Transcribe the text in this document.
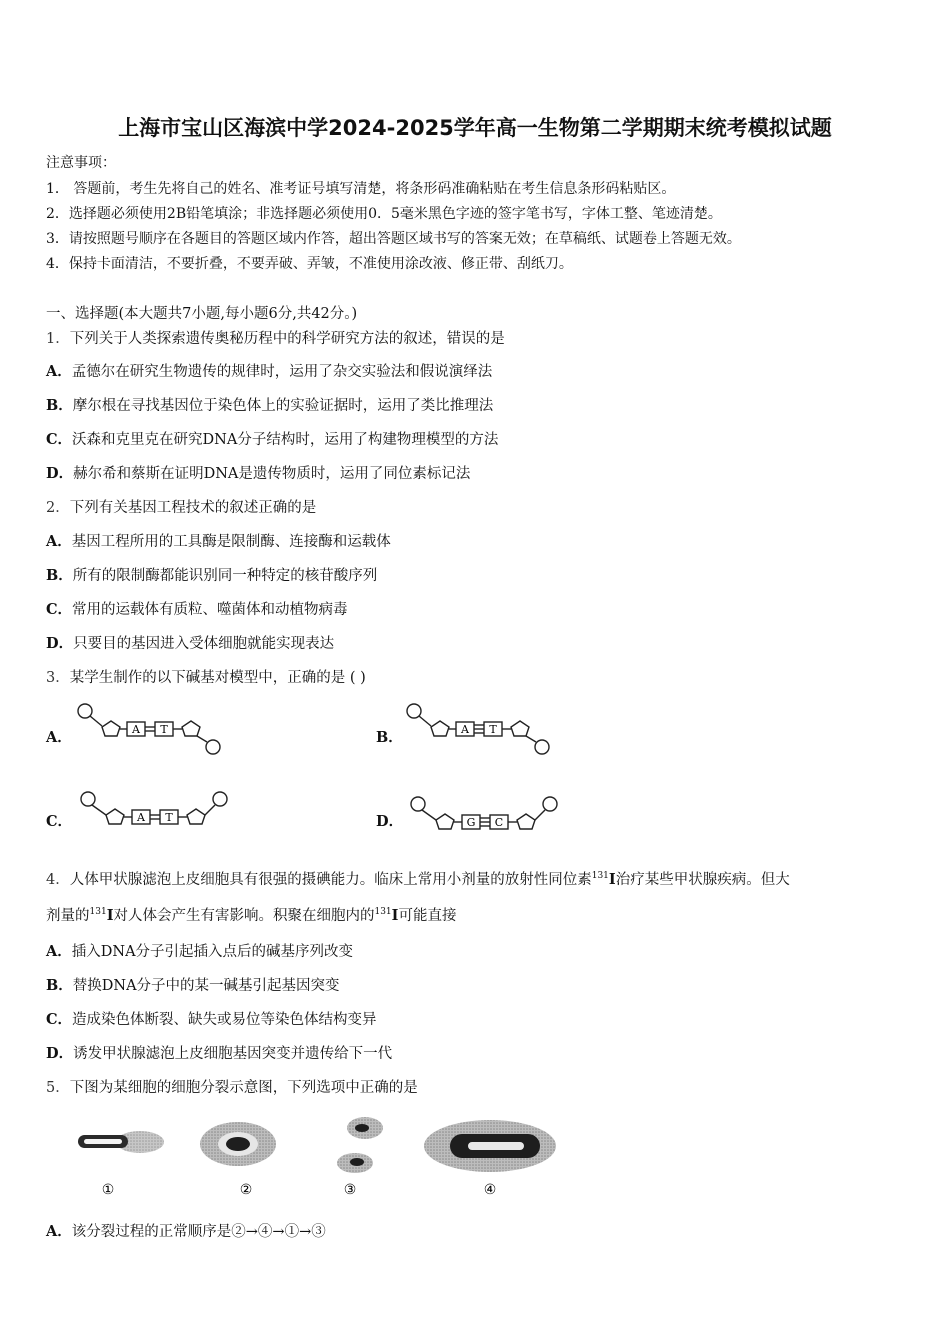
上海市宝山区海滨中学2024-2025学年高一生物第二学期期末统考模拟试题
注意事项：
1． 答题前，考生先将自己的姓名、准考证号填写清楚，将条形码准确粘贴在考生信息条形码粘贴区。
2．选择题必须使用2B铅笔填涂；非选择题必须使用0．5毫米黑色字迹的签字笔书写，字体工整、笔迹清楚。
3．请按照题号顺序在各题目的答题区域内作答，超出答题区域书写的答案无效；在草稿纸、试题卷上答题无效。
4．保持卡面清洁，不要折叠，不要弄破、弄皱，不准使用涂改液、修正带、刮纸刀。
一、选择题(本大题共7小题,每小题6分,共42分。)
1．下列关于人类探索遗传奥秘历程中的科学研究方法的叙述，错误的是
A．孟德尔在研究生物遗传的规律时，运用了杂交实验法和假说演绎法
B．摩尔根在寻找基因位于染色体上的实验证据时，运用了类比推理法
C．沃森和克里克在研究DNA分子结构时，运用了构建物理模型的方法
D．赫尔希和蔡斯在证明DNA是遗传物质时，运用了同位素标记法
2．下列有关基因工程技术的叙述正确的是
A．基因工程所用的工具酶是限制酶、连接酶和运载体
B．所有的限制酶都能识别同一种特定的核苷酸序列
C．常用的运载体有质粒、噬菌体和动植物病毒
D．只要目的基因进入受体细胞就能实现表达
3．某学生制作的以下碱基对模型中，正确的是 ( )
A．	A T	B．	A T
C．	A T	D．	G C
4．人体甲状腺滤泡上皮细胞具有很强的摄碘能力。临床上常用小剂量的放射性同位素$^{131}$I治疗某些甲状腺疾病。但大
剂量的$^{131}$I对人体会产生有害影响。积聚在细胞内的$^{131}$I可能直接
A．插入DNA分子引起插入点后的碱基序列改变
B．替换DNA分子中的某一碱基引起基因突变
C．造成染色体断裂、缺失或易位等染色体结构变异
D．诱发甲状腺滤泡上皮细胞基因突变并遗传给下一代
5．下图为某细胞的细胞分裂示意图，下列选项中正确的是
①	②	③	④
A．该分裂过程的正常顺序是②→④→①→③
